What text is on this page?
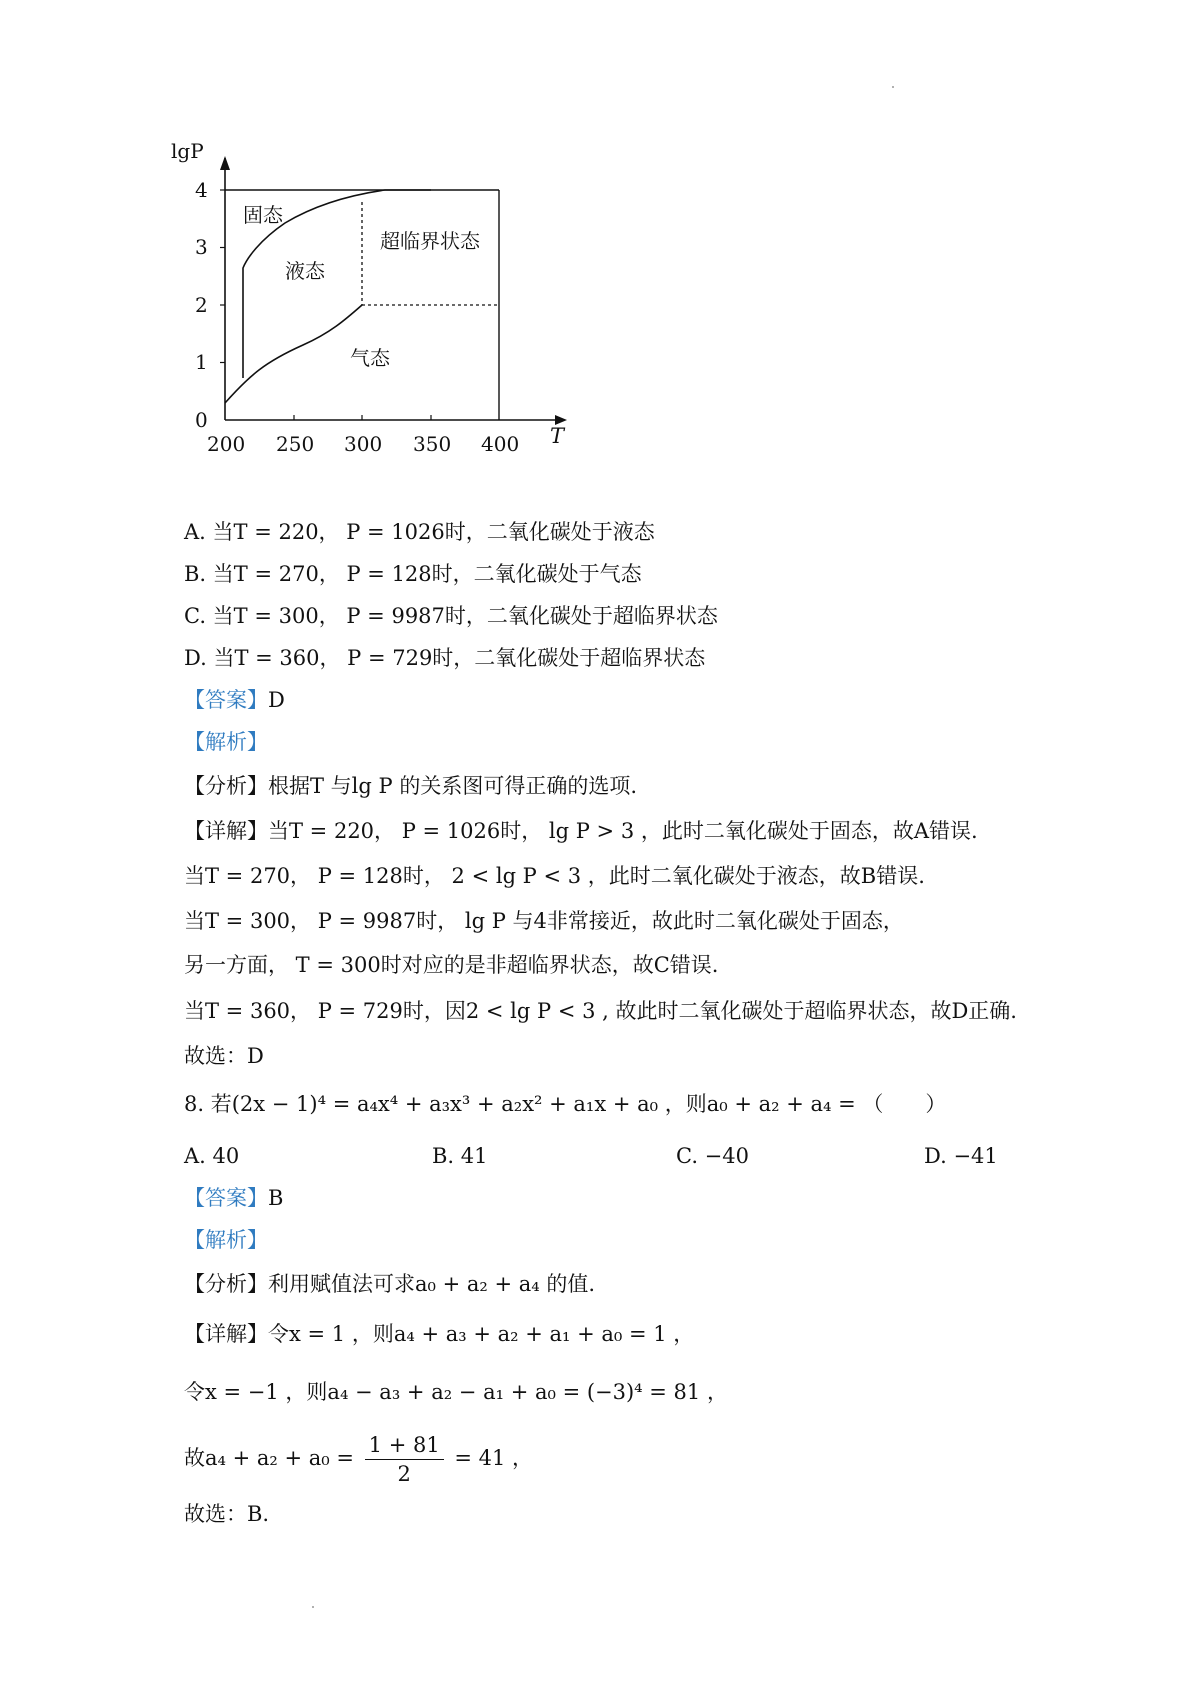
lgP
T
4
3
2
1
0
200 250 300 350 400
固态
液态
超临界状态
气态
A. 当T = 220， P = 1026时，二氧化碳处于液态
B. 当T = 270， P = 128时，二氧化碳处于气态
C. 当T = 300， P = 9987时，二氧化碳处于超临界状态
D. 当T = 360， P = 729时，二氧化碳处于超临界状态
【答案】D
【解析】
【分析】根据T 与lg P 的关系图可得正确的选项.
【详解】当T = 220， P = 1026时， lg P > 3 ，此时二氧化碳处于固态，故A错误.
当T = 270， P = 128时， 2 < lg P < 3 ，此时二氧化碳处于液态，故B错误.
当T = 300， P = 9987时， lg P 与4非常接近，故此时二氧化碳处于固态，
另一方面， T = 300时对应的是非超临界状态，故C错误.
当T = 360， P = 729时，因2 < lg P < 3 , 故此时二氧化碳处于超临界状态，故D正确.
故选：D
8. 若(2x − 1)⁴ = a₄x⁴ + a₃x³ + a₂x² + a₁x + a₀ ，则a₀ + a₂ + a₄ = （　　）
A. 40	B. 41	C. −40	D. −41
【答案】B
【解析】
【分析】利用赋值法可求a₀ + a₂ + a₄ 的值.
【详解】令x = 1 ，则a₄ + a₃ + a₂ + a₁ + a₀ = 1 ，
令x = −1 ，则a₄ − a₃ + a₂ − a₁ + a₀ = (−3)⁴ = 81 ，
故$a_4 + a_2 + a_0 = \frac{1 + 81}{2} = 41$ ，
故选：B.
